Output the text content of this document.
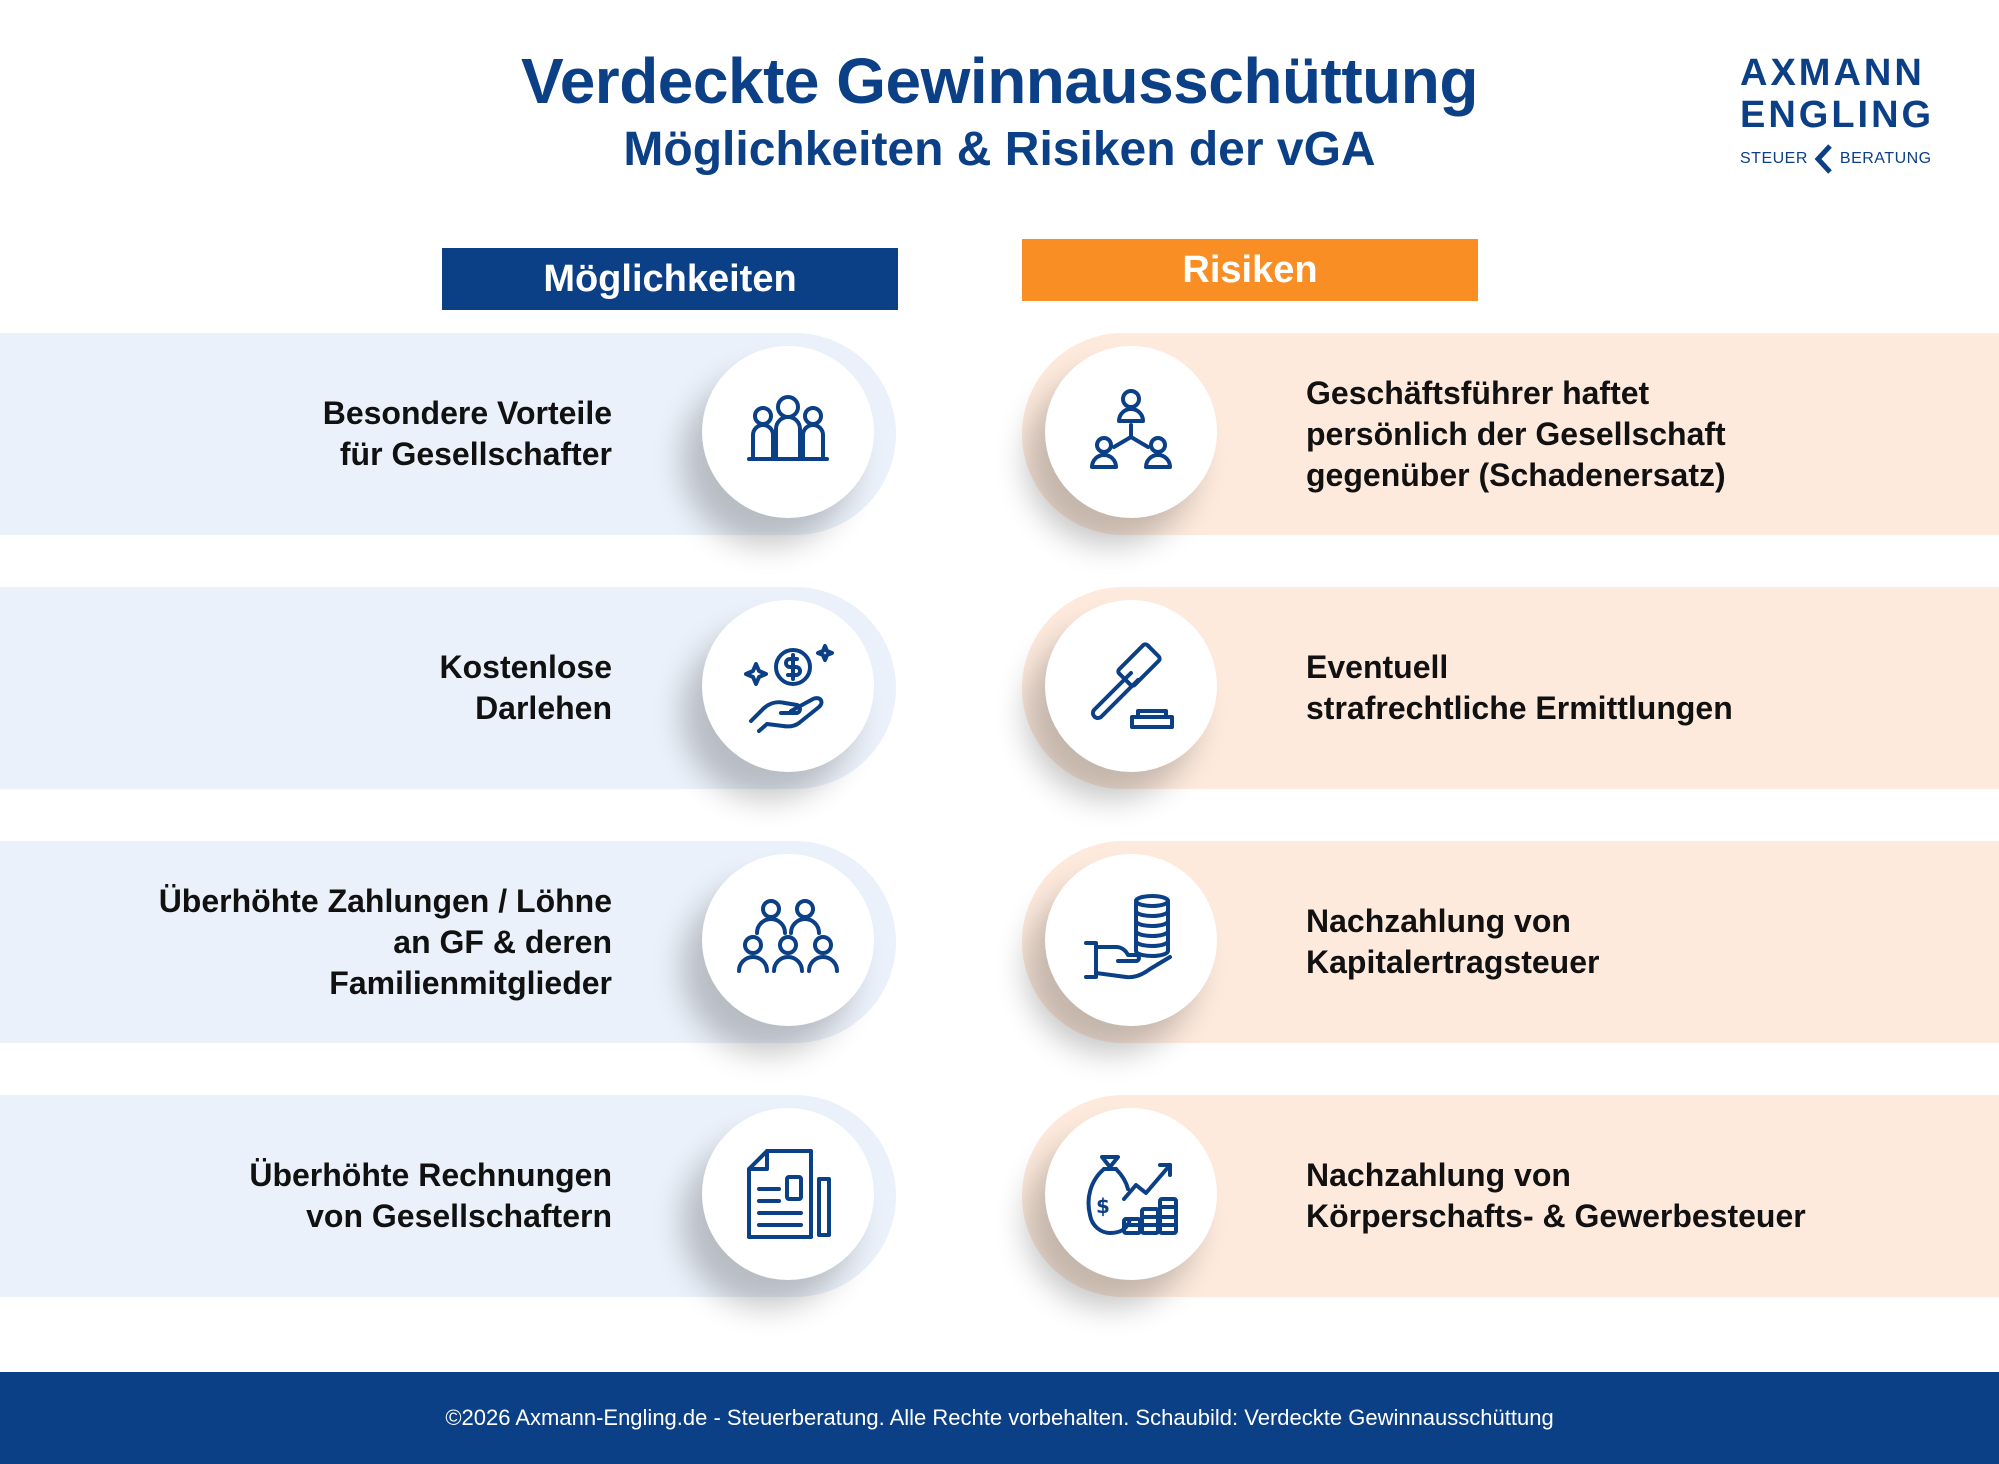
Verdeckte Gewinnausschüttung
Möglichkeiten & Risiken der vGA
AXMANN
ENGLING
STEUER BERATUNG
Möglichkeiten	Risiken
Besondere Vorteile
für Gesellschafter
Geschäftsführer haftet
persönlich der Gesellschaft
gegenüber (Schadenersatz)
Kostenlose
Darlehen
Eventuell
strafrechtliche Ermittlungen
Überhöhte Zahlungen / Löhne
an GF & deren
Familienmitglieder
Nachzahlung von
Kapitalertragsteuer
Überhöhte Rechnungen
von Gesellschaftern	$
Nachzahlung von
Körperschafts- & Gewerbesteuer
©2026 Axmann-Engling.de - Steuerberatung. Alle Rechte vorbehalten. Schaubild: Verdeckte Gewinnausschüttung
